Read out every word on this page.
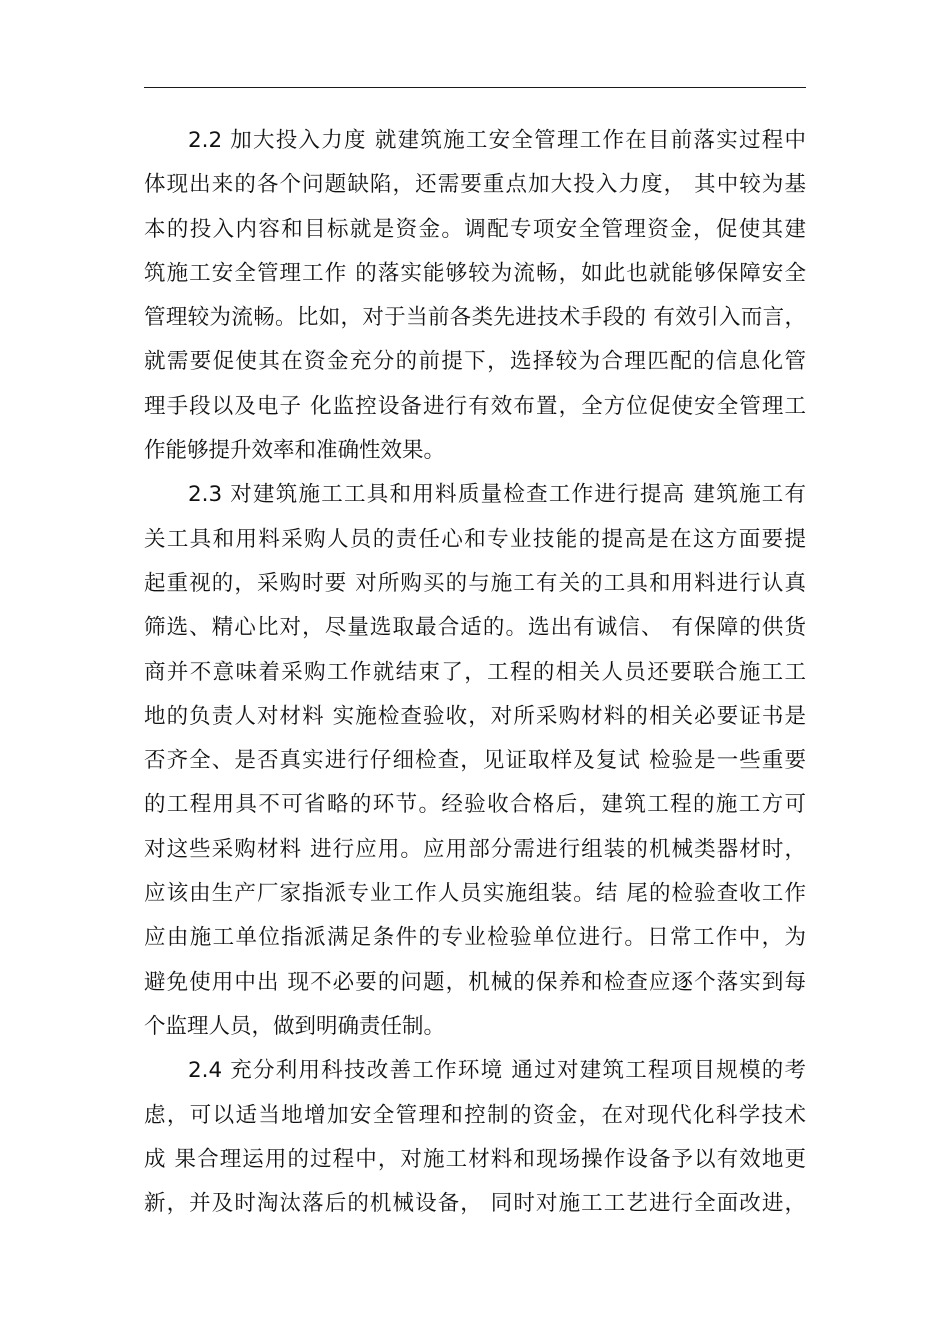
2.2 加大投入力度 就建筑施工安全管理工作在目前落实过程中
体现出来的各个问题缺陷，还需要重点加大投入力度， 其中较为基
本的投入内容和目标就是资金。调配专项安全管理资金，促使其建
筑施工安全管理工作 的落实能够较为流畅，如此也就能够保障安全
管理较为流畅。比如，对于当前各类先进技术手段的 有效引入而言，
就需要促使其在资金充分的前提下，选择较为合理匹配的信息化管
理手段以及电子 化监控设备进行有效布置，全方位促使安全管理工
作能够提升效率和准确性效果。
2.3 对建筑施工工具和用料质量检查工作进行提高 建筑施工有
关工具和用料采购人员的责任心和专业技能的提高是在这方面要提
起重视的，采购时要 对所购买的与施工有关的工具和用料进行认真
筛选、精心比对，尽量选取最合适的。选出有诚信、 有保障的供货
商并不意味着采购工作就结束了，工程的相关人员还要联合施工工
地的负责人对材料 实施检查验收，对所采购材料的相关必要证书是
否齐全、是否真实进行仔细检查，见证取样及复试 检验是一些重要
的工程用具不可省略的环节。经验收合格后，建筑工程的施工方可
对这些采购材料 进行应用。应用部分需进行组装的机械类器材时，
应该由生产厂家指派专业工作人员实施组装。结 尾的检验查收工作
应由施工单位指派满足条件的专业检验单位进行。日常工作中，为
避免使用中出 现不必要的问题，机械的保养和检查应逐个落实到每
个监理人员，做到明确责任制。
2.4 充分利用科技改善工作环境 通过对建筑工程项目规模的考
虑，可以适当地增加安全管理和控制的资金，在对现代化科学技术
成 果合理运用的过程中，对施工材料和现场操作设备予以有效地更
新，并及时淘汰落后的机械设备， 同时对施工工艺进行全面改进，
